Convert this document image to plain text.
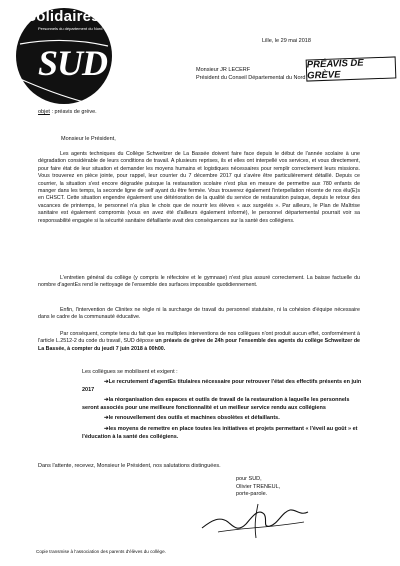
Solidaires
Personnels du département du Nord
SUD
Lille, le 29 mai 2018
PRÉAVIS DE GRÈVE
Monsieur JR LECERF
Président du Conseil Départemental du Nord
objet : préavis de grève.
Monsieur le Président,
Les agents techniques du Collège Schweitzer de La Bassée doivent faire face depuis le début de l'année scolaire à une dégradation considérable de leurs conditions de travail. A plusieurs reprises, ils et elles ont interpellé vos services, et vous directement, pour faire état de leur situation et demander les moyens humains et logistiques nécessaires pour remplir correctement leurs missions. Vous trouverez en pièce jointe, pour rappel, leur courrier du 7 décembre 2017 qui s'avère être particulièrement détaillé. Depuis ce courrier, la situation s'est encore dégradée puisque la restauration scolaire n'est plus en mesure de permettre aux 780 enfants de manger dans les temps, la seconde ligne de self ayant du être fermée. Vous trouverez également l'interpellation récente de nos élu(E)s en CHSCT. Cette situation engendre également une détérioration de la qualité du service de restauration puisque, depuis le retour des vacances de printemps, le personnel n'a plus le choix que de nourrir les élèves « aux surgelés ». Par ailleurs, le Plan de Maîtrise sanitaire est également compromis (vous en avez été d'ailleurs également informé), le personnel départemental pourrait voir sa responsabilité engagée si la sécurité sanitaire défaillante avait des conséquences sur la santé des collégiens.
L'entretien général du collège (y compris le réfectoire et le gymnase) n'est plus assuré correctement. La baisse factuelle du nombre d'agentEs rend le nettoyage de l'ensemble des surfaces impossible quotidiennement.
Enfin, l'intervention de Clinitex ne règle ni la surcharge de travail du personnel statutaire, ni la cohésion d'équipe nécessaire dans le cadre de la communauté éducative.
Par conséquent, compte tenu du fait que les multiples interventions de nos collègues n'ont produit aucun effet, conformément à l'article L.2512-2 du code du travail, SUD dépose un préavis de grève de 24h pour l'ensemble des agents du collège Schweitzer de La Bassée, à compter du jeudi 7 juin 2018 à 00h00.
Les collègues se mobilisent et exigent :
➔Le recrutement d'agentEs titulaires nécessaire pour retrouver l'état des effectifs présents en juin 2017
➔la réorganisation des espaces et outils de travail de la restauration à laquelle les personnels seront associés pour une meilleure fonctionnalité et un meilleur service rendu aux collégiens
➔le renouvellement des outils et machines obsolètes et défaillants.
➔les moyens de remettre en place toutes les initiatives et projets permettant « l'éveil au goût » et l'éducation à la santé des collégiens.
Dans l'attente, recevez, Monsieur le Président, nos salutations distinguées.
pour SUD,
Olivier TRENEUL,
porte-parole.
Copie transmise à l'association des parents d'élèves du collège.
